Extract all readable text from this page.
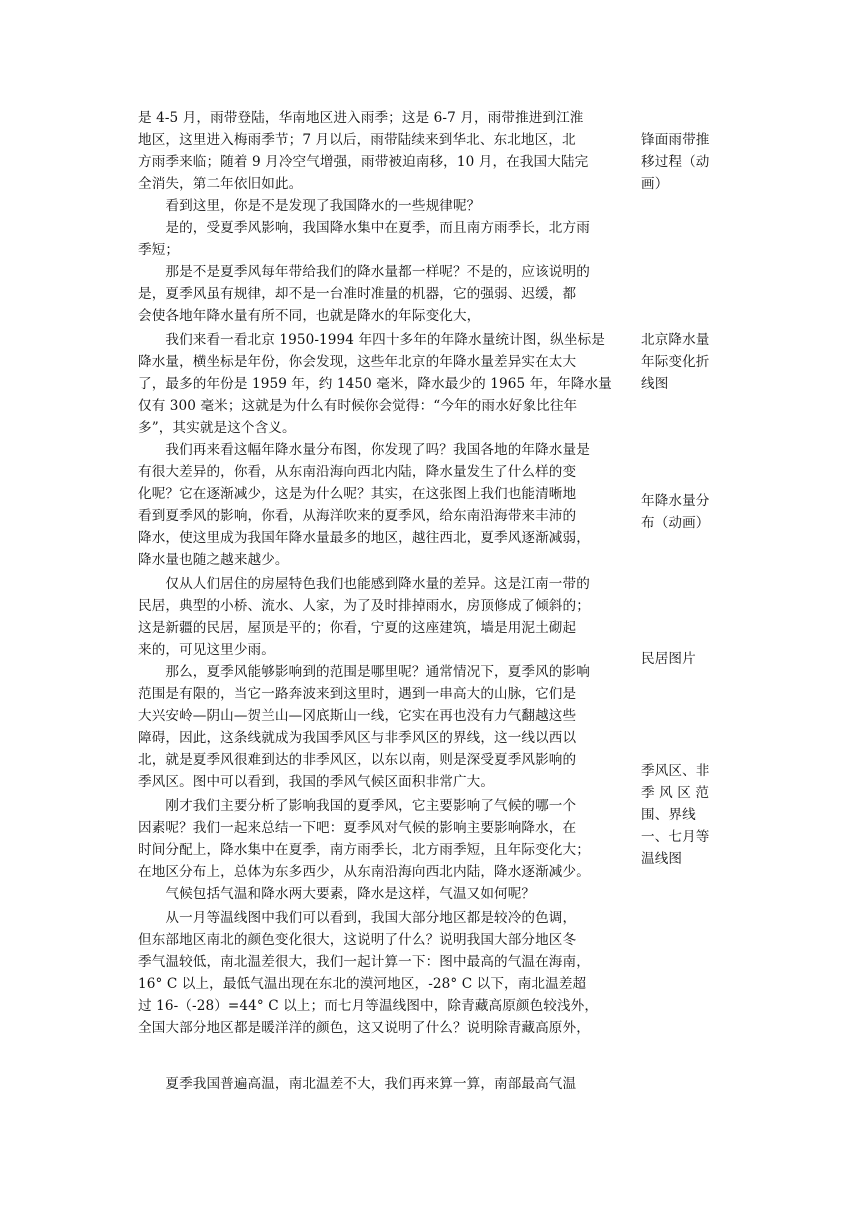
是 4-5 月，雨带登陆，华南地区进入雨季；这是 6-7 月，雨带推进到江淮
地区，这里进入梅雨季节；7 月以后，雨带陆续来到华北、东北地区，北
方雨季来临；随着 9 月冷空气增强，雨带被迫南移，10 月，在我国大陆完
全消失，第二年依旧如此。
　　看到这里，你是不是发现了我国降水的一些规律呢？
　　是的，受夏季风影响，我国降水集中在夏季，而且南方雨季长，北方雨
季短；
　　那是不是夏季风每年带给我们的降水量都一样呢？不是的，应该说明的
是，夏季风虽有规律，却不是一台准时准量的机器，它的强弱、迟缓，都
会使各地年降水量有所不同，也就是降水的年际变化大，
　　我们来看一看北京 1950-1994 年四十多年的年降水量统计图，纵坐标是
降水量，横坐标是年份，你会发现，这些年北京的年降水量差异实在太大
了，最多的年份是 1959 年，约 1450 毫米，降水最少的 1965 年，年降水量
仅有 300 毫米；这就是为什么有时候你会觉得：“今年的雨水好象比往年
多”，其实就是这个含义。
　　我们再来看这幅年降水量分布图，你发现了吗？我国各地的年降水量是
有很大差异的，你看，从东南沿海向西北内陆，降水量发生了什么样的变
化呢？它在逐渐减少，这是为什么呢？其实，在这张图上我们也能清晰地
看到夏季风的影响，你看，从海洋吹来的夏季风，给东南沿海带来丰沛的
降水，使这里成为我国年降水量最多的地区，越往西北，夏季风逐渐减弱，
降水量也随之越来越少。
　　仅从人们居住的房屋特色我们也能感到降水量的差异。这是江南一带的
民居，典型的小桥、流水、人家，为了及时排掉雨水，房顶修成了倾斜的；
这是新疆的民居，屋顶是平的；你看，宁夏的这座建筑，墙是用泥土砌起
来的，可见这里少雨。
　　那么，夏季风能够影响到的范围是哪里呢？通常情况下，夏季风的影响
范围是有限的，当它一路奔波来到这里时，遇到一串高大的山脉，它们是
大兴安岭—阴山—贺兰山—冈底斯山一线，它实在再也没有力气翻越这些
障碍，因此，这条线就成为我国季风区与非季风区的界线，这一线以西以
北，就是夏季风很难到达的非季风区，以东以南，则是深受夏季风影响的
季风区。图中可以看到，我国的季风气候区面积非常广大。
　　刚才我们主要分析了影响我国的夏季风，它主要影响了气候的哪一个
因素呢？我们一起来总结一下吧：夏季风对气候的影响主要影响降水，在
时间分配上，降水集中在夏季，南方雨季长，北方雨季短，且年际变化大；
在地区分布上，总体为东多西少，从东南沿海向西北内陆，降水逐渐减少。
　　气候包括气温和降水两大要素，降水是这样，气温又如何呢？
　　从一月等温线图中我们可以看到，我国大部分地区都是较冷的色调，
但东部地区南北的颜色变化很大，这说明了什么？说明我国大部分地区冬
季气温较低，南北温差很大，我们一起计算一下：图中最高的气温在海南，
16° C 以上，最低气温出现在东北的漠河地区，-28° C 以下，南北温差超
过 16-（-28）=44° C 以上；而七月等温线图中，除青藏高原颜色较浅外，
全国大部分地区都是暖洋洋的颜色，这又说明了什么？说明除青藏高原外，
　　夏季我国普遍高温，南北温差不大，我们再来算一算，南部最高气温
锋面雨带推
移过程（动
画）
北京降水量
年际变化折
线图
年降水量分
布（动画）
民居图片
季风区、非
季 风 区 范
围、界线
一、七月等
温线图
